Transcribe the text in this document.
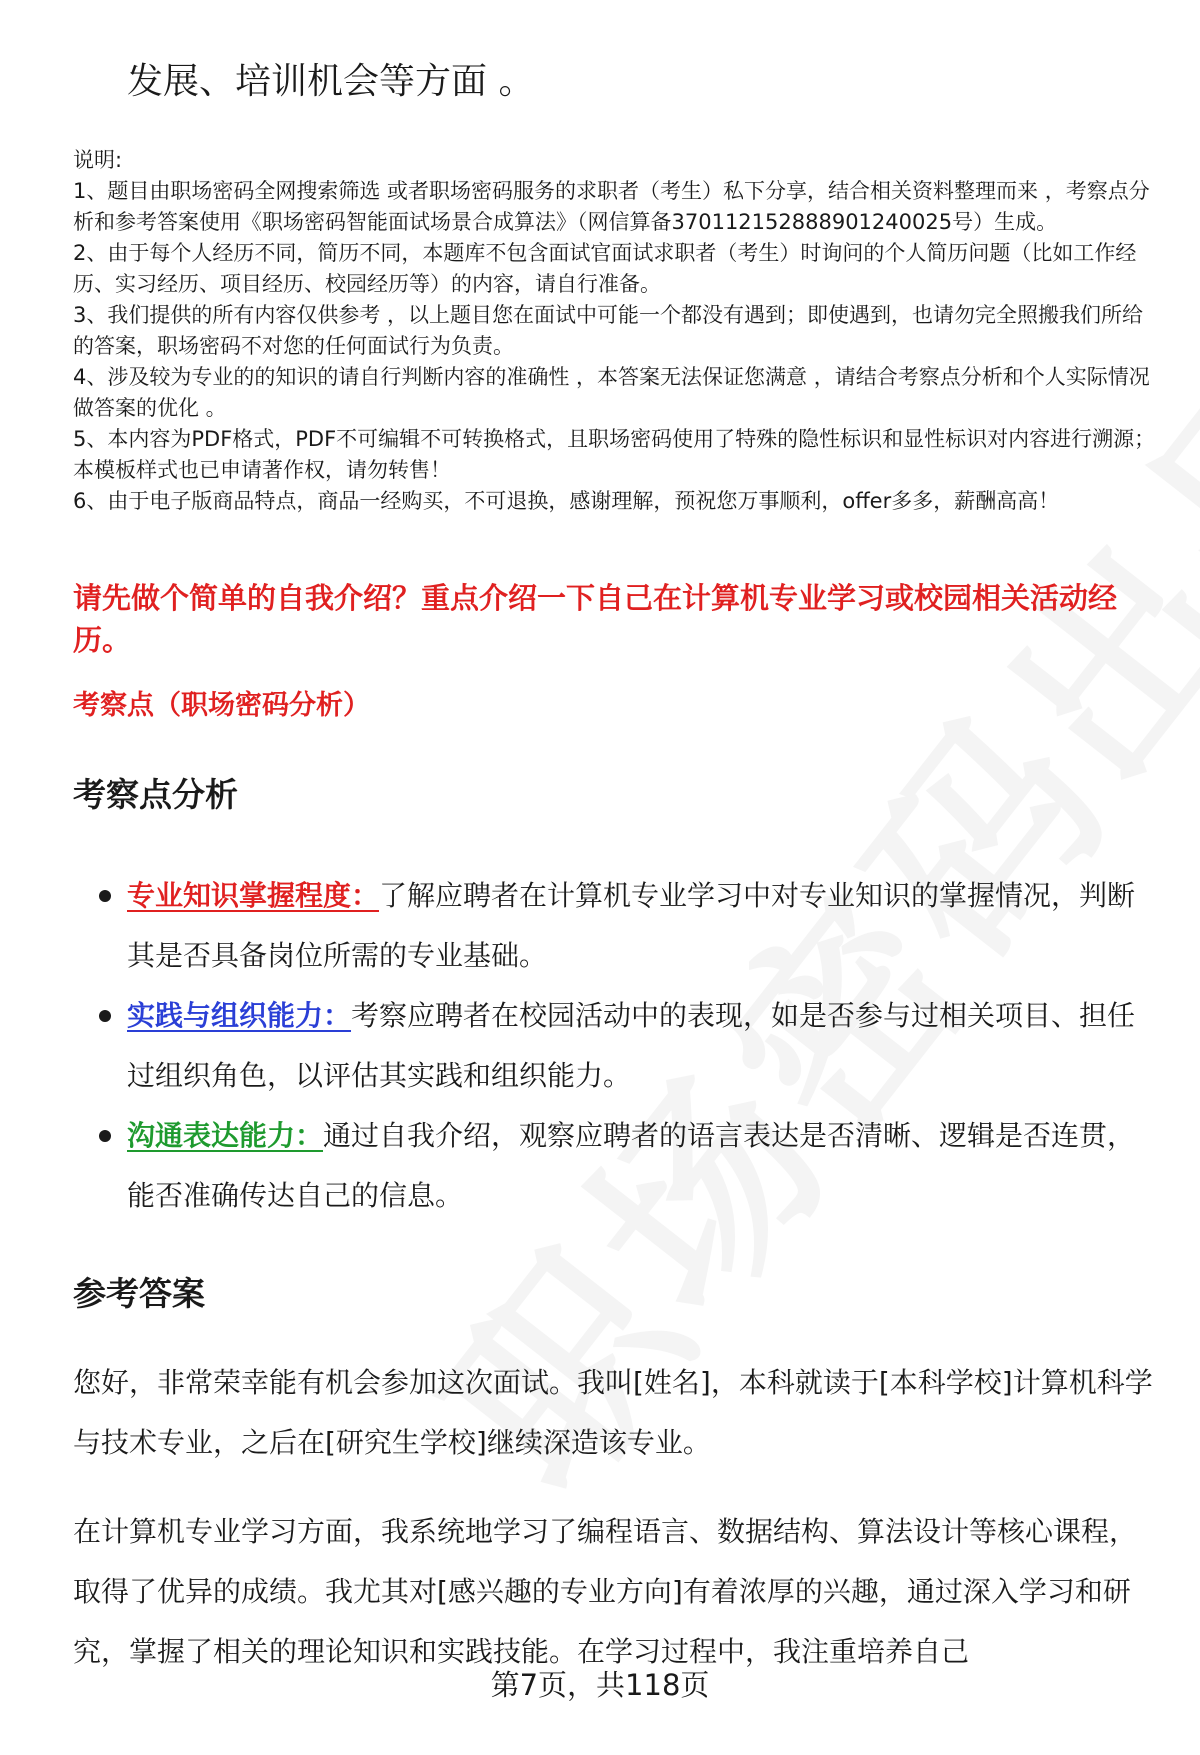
发展、培训机会等方面 。

说明:

1、题目由职场密码全网搜索筛选 或者职场密码服务的求职者（考生）私下分享，结合相关资料整理而来 ，考察点分析和参考答案使用《职场密码智能面试场景合成算法》（网信算备370112152888901240025号）生成。

2、由于每个人经历不同，简历不同，本题库不包含面试官面试求职者（考生）时询问的个人简历问题（比如工作经历、实习经历、项目经历、校园经历等）的内容，请自行准备。

3、我们提供的所有内容仅供参考 ，以上题目您在面试中可能一个都没有遇到；即使遇到，也请勿完全照搬我们所给的答案，职场密码不对您的任何面试行为负责。

4、涉及较为专业的的知识的请自行判断内容的准确性 ，本答案无法保证您满意 ，请结合考察点分析和个人实际情况做答案的优化 。

5、本内容为PDF格式，PDF不可编辑不可转换格式，且职场密码使用了特殊的隐性标识和显性标识对内容进行溯源；本模板样式也已申请著作权，请勿转售！

6、由于电子版商品特点，商品一经购买，不可退换，感谢理解，预祝您万事顺利，offer多多，薪酬高高！

请先做个简单的自我介绍？重点介绍一下自己在计算机专业学习或校园相关活动经历。

考察点（职场密码分析）

考察点分析
专业知识掌握程度：了解应聘者在计算机专业学习中对专业知识的掌握情况，判断其是否具备岗位所需的专业基础。
实践与组织能力：考察应聘者在校园活动中的表现，如是否参与过相关项目、担任过组织角色，以评估其实践和组织能力。
沟通表达能力：通过自我介绍，观察应聘者的语言表达是否清晰、逻辑是否连贯，能否准确传达自己的信息。
参考答案

您好，非常荣幸能有机会参加这次面试。我叫[姓名]，本科就读于[本科学校]计算机科学与技术专业，之后在[研究生学校]继续深造该专业。

在计算机专业学习方面，我系统地学习了编程语言、数据结构、算法设计等核心课程，取得了优异的成绩。我尤其对[感兴趣的专业方向]有着浓厚的兴趣，通过深入学习和研究，掌握了相关的理论知识和实践技能。在学习过程中，我注重培养自己

第7页，共118页
